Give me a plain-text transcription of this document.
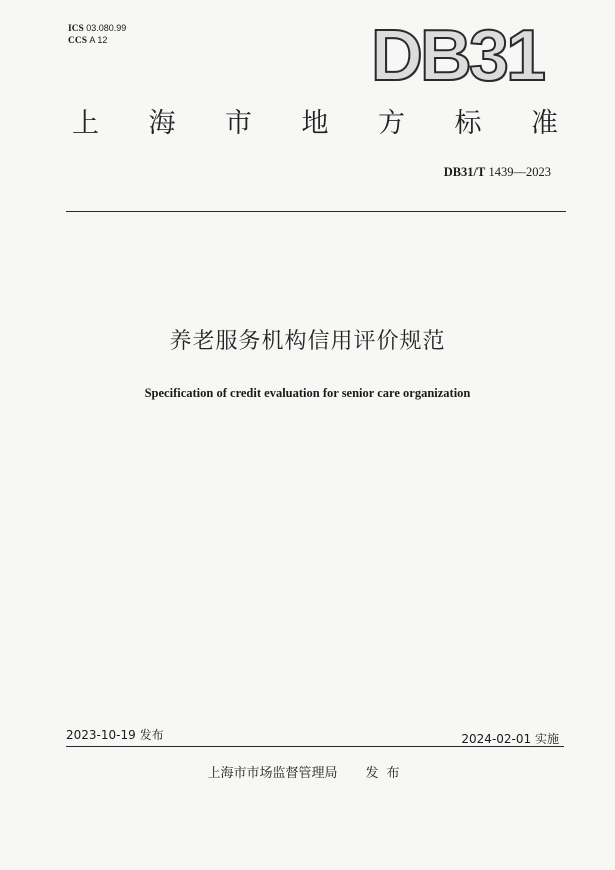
ICS 03.080.99
CCS A 12	DB31
上 海 市 地 方 标 准
DB31/T 1439—2023
养老服务机构信用评价规范
Specification of credit evaluation for senior care organization
2023-10-19 发布	2024-02-01 实施
上海市市场监督管理局 发布
